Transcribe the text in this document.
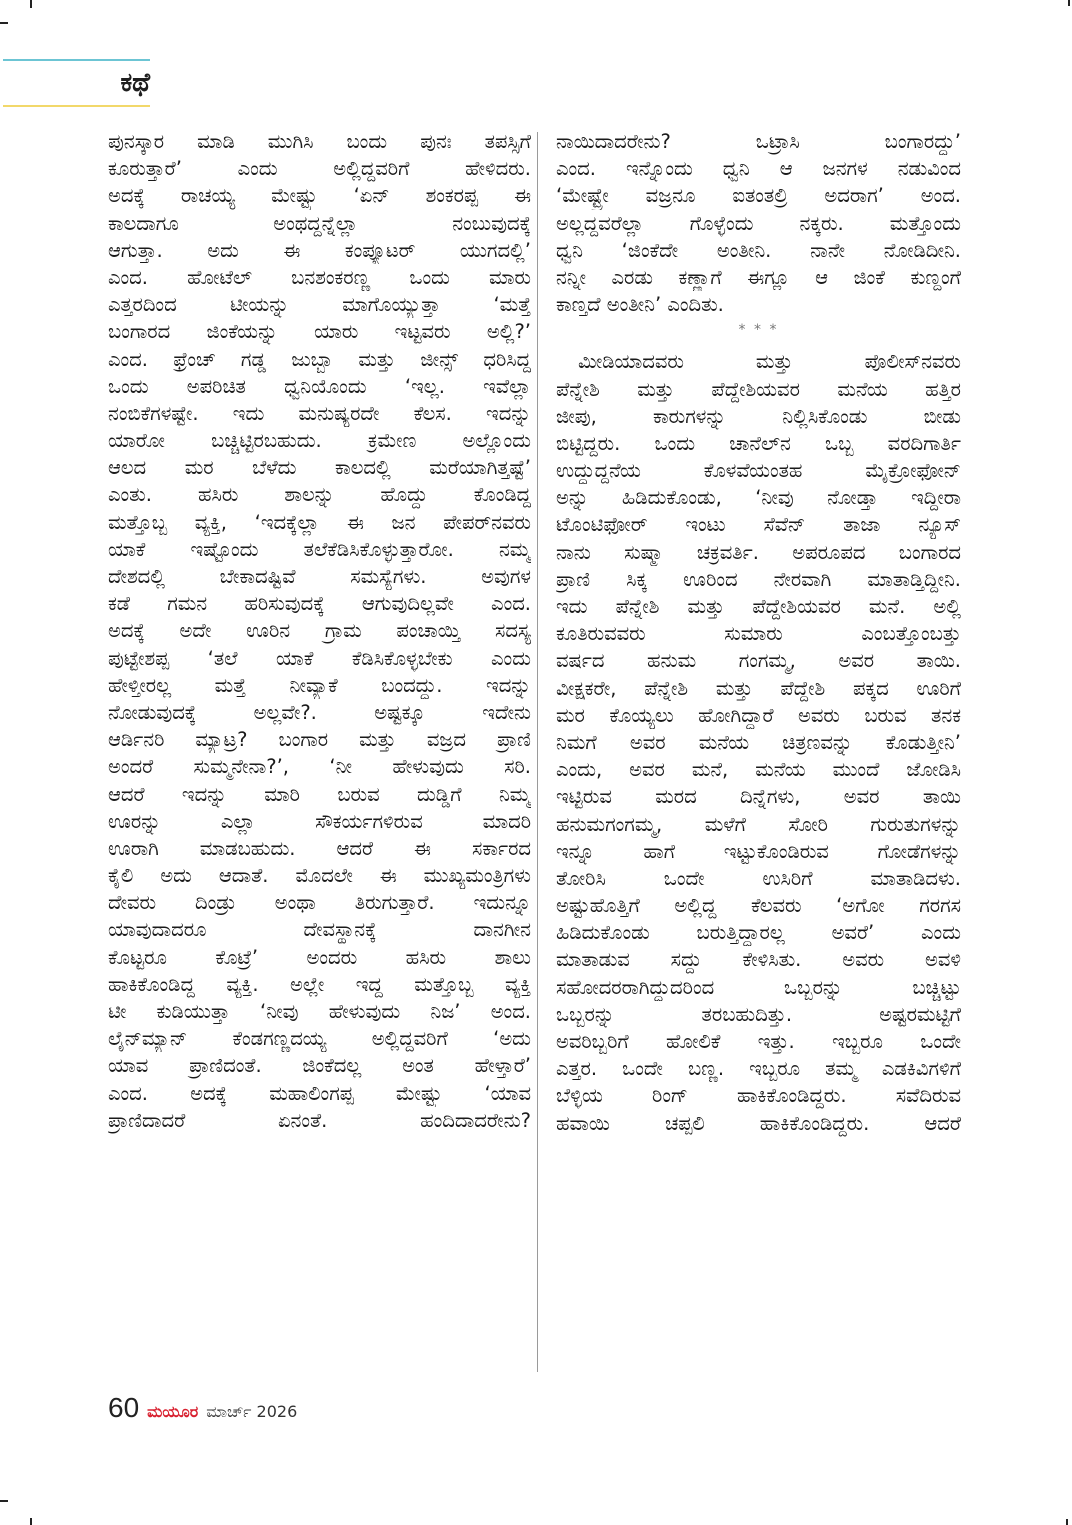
ಕಥೆ
ಪುನಸ್ಕಾರ ಮಾಡಿ ಮುಗಿಸಿ ಬಂದು ಪುನಃ ತಪಸ್ಸಿಗೆ
ಕೂರುತ್ತಾರೆ’ ಎಂದು ಅಲ್ಲಿದ್ದವರಿಗೆ ಹೇಳಿದರು.
ಅದಕ್ಕೆ ರಾಚಯ್ಯ ಮೇಷ್ಟ್ರು ‘ಏನ್ ಶಂಕರಪ್ಪ ಈ
ಕಾಲದಾಗೂ ಅಂಥದ್ದನ್ನೆಲ್ಲಾ ನಂಬುವುದಕ್ಕೆ
ಆಗುತ್ತಾ. ಅದು ಈ ಕಂಪ್ಯೂಟರ್ ಯುಗದಲ್ಲಿ’
ಎಂದ. ಹೋಟೆಲ್ ಬನಶಂಕರಣ್ಣ ಒಂದು ಮಾರು
ಎತ್ತರದಿಂದ ಟೀಯನ್ನು ಮಾಗೊಯ್ಯುತ್ತಾ ‘ಮತ್ತೆ
ಬಂಗಾರದ ಜಿಂಕೆಯನ್ನು ಯಾರು ಇಟ್ಟವರು ಅಲ್ಲಿ?’
ಎಂದ. ಫ್ರೆಂಚ್ ಗಡ್ಡ ಜುಬ್ಬಾ ಮತ್ತು ಜೀನ್ಸ್ ಧರಿಸಿದ್ದ
ಒಂದು ಅಪರಿಚಿತ ಧ್ವನಿಯೊಂದು ‘ಇಲ್ಲ. ಇವೆಲ್ಲಾ
ನಂಬಿಕೆಗಳಷ್ಟೇ. ಇದು ಮನುಷ್ಯರದೇ ಕೆಲಸ. ಇದನ್ನು
ಯಾರೋ ಬಚ್ಚಿಟ್ಟಿರಬಹುದು. ಕ್ರಮೇಣ ಅಲ್ಲೊಂದು
ಆಲದ ಮರ ಬೆಳೆದು ಕಾಲದಲ್ಲಿ ಮರೆಯಾಗಿತ್ತಷ್ಟೆ’
ಎಂತು. ಹಸಿರು ಶಾಲನ್ನು ಹೊದ್ದು ಕೊಂಡಿದ್ದ
ಮತ್ತೊಬ್ಬ ವ್ಯಕ್ತಿ, ‘ಇದಕ್ಕೆಲ್ಲಾ ಈ ಜನ ಪೇಪರ್‌ನವರು
ಯಾಕೆ ಇಷ್ಟೊಂದು ತಲೆಕೆಡಿಸಿಕೊಳ್ಳುತ್ತಾರೋ. ನಮ್ಮ
ದೇಶದಲ್ಲಿ ಬೇಕಾದಷ್ಟಿವೆ ಸಮಸ್ಯೆಗಳು. ಅವುಗಳ
ಕಡೆ ಗಮನ ಹರಿಸುವುದಕ್ಕೆ ಆಗುವುದಿಲ್ಲವೇ ಎಂದ.
ಅದಕ್ಕೆ ಅದೇ ಊರಿನ ಗ್ರಾಮ ಪಂಚಾಯ್ತಿ ಸದಸ್ಯ
ಪುಟ್ಟೇಶಪ್ಪ ‘ತಲೆ ಯಾಕೆ ಕೆಡಿಸಿಕೊಳ್ಳಬೇಕು ಎಂದು
ಹೇಳ್ತೀರಲ್ಲ ಮತ್ತೆ ನೀವ್ಯಾಕೆ ಬಂದದ್ದು. ಇದನ್ನು
ನೋಡುವುದಕ್ಕೆ ಅಲ್ಲವೇ?. ಅಷ್ಟಕ್ಕೂ ಇದೇನು
ಆರ್ಡಿನರಿ ಮ್ಯಾಟ್ರ? ಬಂಗಾರ ಮತ್ತು ವಜ್ರದ ಪ್ರಾಣಿ
ಅಂದರೆ ಸುಮ್ಮನೇನಾ?’, ‘ನೀ ಹೇಳುವುದು ಸರಿ.
ಆದರೆ ಇದನ್ನು ಮಾರಿ ಬರುವ ದುಡ್ಡಿಗೆ ನಿಮ್ಮ
ಊರನ್ನು ಎಲ್ಲಾ ಸೌಕರ್ಯಗಳಿರುವ ಮಾದರಿ
ಊರಾಗಿ ಮಾಡಬಹುದು. ಆದರೆ ಈ ಸರ್ಕಾರದ
ಕೈಲಿ ಅದು ಆದಾತೆ. ಮೊದಲೇ ಈ ಮುಖ್ಯಮಂತ್ರಿಗಳು
ದೇವರು ದಿಂಡ್ರು ಅಂಥಾ ತಿರುಗುತ್ತಾರೆ. ಇದುನ್ನೂ
ಯಾವುದಾದರೂ ದೇವಸ್ಥಾನಕ್ಕೆ ದಾನಗೀನ
ಕೊಟ್ಟರೂ ಕೊಟ್ರೆ’ ಅಂದರು ಹಸಿರು ಶಾಲು
ಹಾಕಿಕೊಂಡಿದ್ದ ವ್ಯಕ್ತಿ. ಅಲ್ಲೇ ಇದ್ದ ಮತ್ತೊಬ್ಬ ವ್ಯಕ್ತಿ
ಟೀ ಕುಡಿಯುತ್ತಾ ‘ನೀವು ಹೇಳುವುದು ನಿಜ’ ಅಂದ.
ಲೈನ್‌ಮ್ಯಾನ್ ಕೆಂಡಗಣ್ಣದಯ್ಯ ಅಲ್ಲಿದ್ದವರಿಗೆ ‘ಅದು
ಯಾವ ಪ್ರಾಣಿದಂತೆ. ಜಿಂಕೆದಲ್ಲ ಅಂತ ಹೇಳ್ತಾರೆ’
ಎಂದ. ಅದಕ್ಕೆ ಮಹಾಲಿಂಗಪ್ಪ ಮೇಷ್ಟ್ರು ‘ಯಾವ
ಪ್ರಾಣಿದಾದರೆ ಏನಂತೆ. ಹಂದಿದಾದರೇನು?
ನಾಯಿದಾದರೇನು? ಒಟ್ರಾಸಿ ಬಂಗಾರದ್ದು’
ಎಂದ. ಇನ್ನೊಂದು ಧ್ವನಿ ಆ ಜನಗಳ ನಡುವಿಂದ
‘ಮೇಷ್ಟ್ರೇ ವಜ್ರನೂ ಐತಂತಲ್ರಿ ಅದರಾಗ’ ಅಂದ.
ಅಲ್ಲದ್ದವರೆಲ್ಲಾ ಗೊಳ್ಳೆಂದು ನಕ್ಕರು. ಮತ್ತೊಂದು
ಧ್ವನಿ ‘ಜಿಂಕೆದೇ ಅಂತೀನಿ. ನಾನೇ ನೋಡಿದೀನಿ.
ನನ್ನೀ ಎರಡು ಕಣ್ಣಾಗೆ ಈಗ್ಲೂ ಆ ಜಿಂಕೆ ಕುಣ್ದಂಗೆ
ಕಾಣ್ತದೆ ಅಂತೀನಿ’ ಎಂದಿತು.
* * *
ಮೀಡಿಯಾದವರು ಮತ್ತು ಪೊಲೀಸ್‌ನವರು
ಪೆನ್ನೇಶಿ ಮತ್ತು ಪೆದ್ದೇಶಿಯವರ ಮನೆಯ ಹತ್ತಿರ
ಜೀಪು, ಕಾರುಗಳನ್ನು ನಿಲ್ಲಿಸಿಕೊಂಡು ಬೀಡು
ಬಿಟ್ಟಿದ್ದರು. ಒಂದು ಚಾನೆಲ್‌ನ ಒಬ್ಬ ವರದಿಗಾರ್ತಿ
ಉದ್ದುದ್ದನೆಯ ಕೊಳವೆಯಂತಹ ಮೈಕ್ರೋಫೋನ್
ಅನ್ನು ಹಿಡಿದುಕೊಂಡು, ‘ನೀವು ನೋಡ್ತಾ ಇದ್ದೀರಾ
ಟೊಂಟಿಫೋರ್ ಇಂಟು ಸೆವೆನ್ ತಾಜಾ ನ್ಯೂಸ್
ನಾನು ಸುಷ್ಮಾ ಚಕ್ರವರ್ತಿ. ಅಪರೂಪದ ಬಂಗಾರದ
ಪ್ರಾಣಿ ಸಿಕ್ಕ ಊರಿಂದ ನೇರವಾಗಿ ಮಾತಾಡ್ತಿದ್ದೀನಿ.
ಇದು ಪೆನ್ನೇಶಿ ಮತ್ತು ಪೆದ್ದೇಶಿಯವರ ಮನೆ. ಅಲ್ಲಿ
ಕೂತಿರುವವರು ಸುಮಾರು ಎಂಬತ್ತೊಂಬತ್ತು
ವರ್ಷದ ಹನುಮ ಗಂಗಮ್ಮ, ಅವರ ತಾಯಿ.
ವೀಕ್ಷಕರೇ, ಪೆನ್ನೇಶಿ ಮತ್ತು ಪೆದ್ದೇಶಿ ಪಕ್ಕದ ಊರಿಗೆ
ಮರ ಕೊಯ್ಯಲು ಹೋಗಿದ್ದಾರೆ ಅವರು ಬರುವ ತನಕ
ನಿಮಗೆ ಅವರ ಮನೆಯ ಚಿತ್ರಣವನ್ನು ಕೊಡುತ್ತೀನಿ’
ಎಂದು, ಅವರ ಮನೆ, ಮನೆಯ ಮುಂದೆ ಜೋಡಿಸಿ
ಇಟ್ಟಿರುವ ಮರದ ದಿನ್ನೆಗಳು, ಅವರ ತಾಯಿ
ಹನುಮಗಂಗಮ್ಮ, ಮಳೆಗೆ ಸೋರಿ ಗುರುತುಗಳನ್ನು
ಇನ್ನೂ ಹಾಗೆ ಇಟ್ಟುಕೊಂಡಿರುವ ಗೋಡೆಗಳನ್ನು
ತೋರಿಸಿ ಒಂದೇ ಉಸಿರಿಗೆ ಮಾತಾಡಿದಳು.
ಅಷ್ಟುಹೊತ್ತಿಗೆ ಅಲ್ಲಿದ್ದ ಕೆಲವರು ‘ಅಗೋ ಗರಗಸ
ಹಿಡಿದುಕೊಂಡು ಬರುತ್ತಿದ್ದಾರಲ್ಲ ಅವರೆ’ ಎಂದು
ಮಾತಾಡುವ ಸದ್ದು ಕೇಳಿಸಿತು. ಅವರು ಅವಳಿ
ಸಹೋದರರಾಗಿದ್ದುದರಿಂದ ಒಬ್ಬರನ್ನು ಬಚ್ಚಿಟ್ಟು
ಒಬ್ಬರನ್ನು ತರಬಹುದಿತ್ತು. ಅಷ್ಟರಮಟ್ಟಿಗೆ
ಅವರಿಬ್ಬರಿಗೆ ಹೋಲಿಕೆ ಇತ್ತು. ಇಬ್ಬರೂ ಒಂದೇ
ಎತ್ತರ. ಒಂದೇ ಬಣ್ಣ. ಇಬ್ಬರೂ ತಮ್ಮ ಎಡಕಿವಿಗಳಿಗೆ
ಬೆಳ್ಳಿಯ ರಿಂಗ್ ಹಾಕಿಕೊಂಡಿದ್ದರು. ಸವೆದಿರುವ
ಹವಾಯಿ ಚಪ್ಪಲಿ ಹಾಕಿಕೊಂಡಿದ್ದರು. ಆದರೆ
60 ಮಯೂರ ಮಾರ್ಚ್ 2026
